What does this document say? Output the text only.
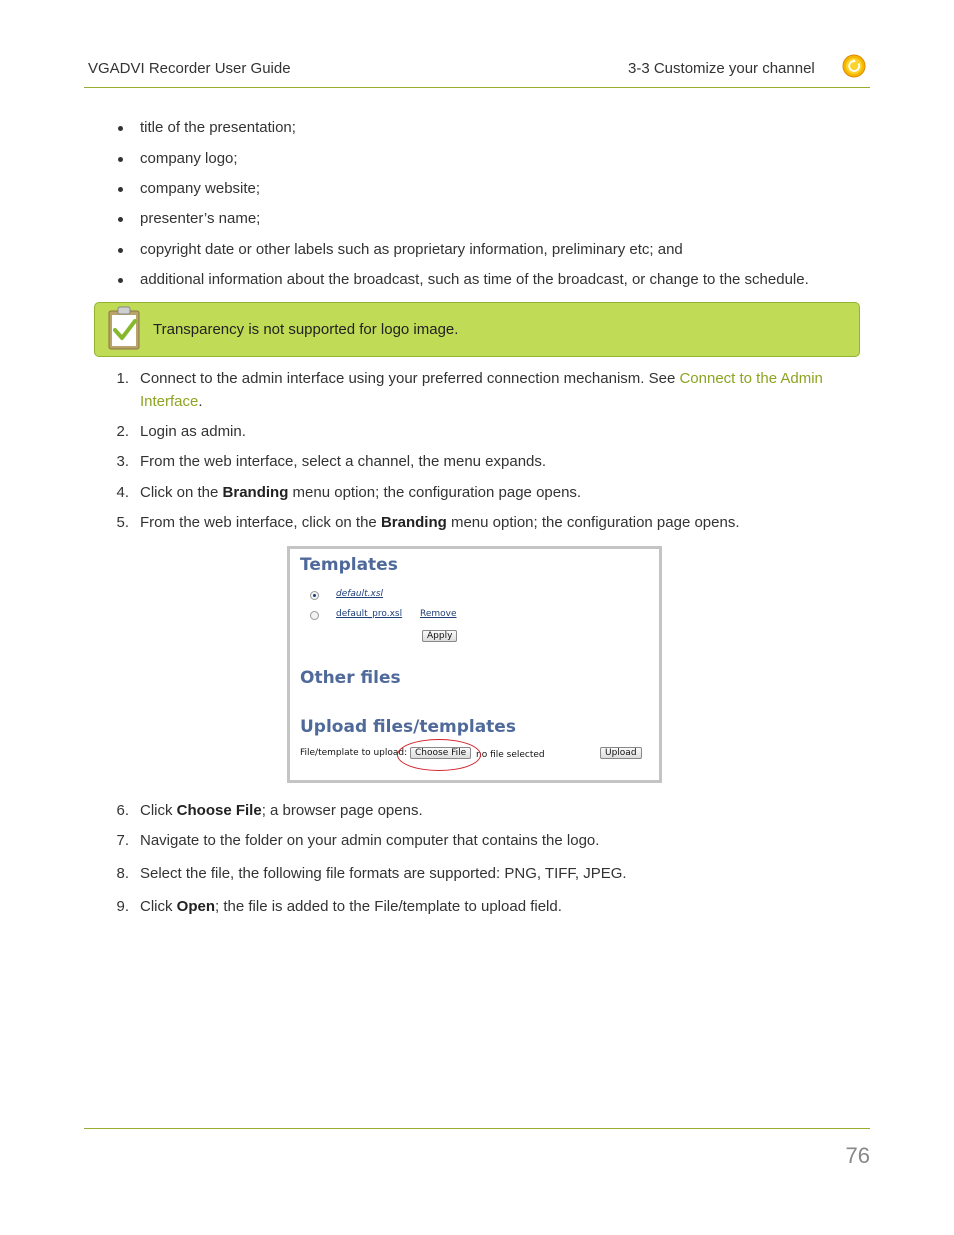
VGADVI Recorder User Guide	3-3 Customize your channel
title of the presentation;
company logo;
company website;
presenter’s name;
copyright date or other labels such as proprietary information, preliminary etc; and
additional information about the broadcast, such as time of the broadcast, or change to the schedule.
Transparency is not supported for logo image.
1. Connect to the admin interface using your preferred connection mechanism. See Connect to the Admin Interface.
2. Login as admin.
3. From the web interface, select a channel, the menu expands.
4. Click on the Branding menu option; the configuration page opens.
5. From the web interface, click on the Branding menu option; the configuration page opens.
Templates
default.xsl
default_pro.xsl Remove
Apply
Other files
Upload files/templates
File/template to upload: Choose File	no file selected	Upload
6. Click Choose File; a browser page opens.
7. Navigate to the folder on your admin computer that contains the logo.
8. Select the file, the following file formats are supported: PNG, TIFF, JPEG.
9. Click Open; the file is added to the File/template to upload field.
76
